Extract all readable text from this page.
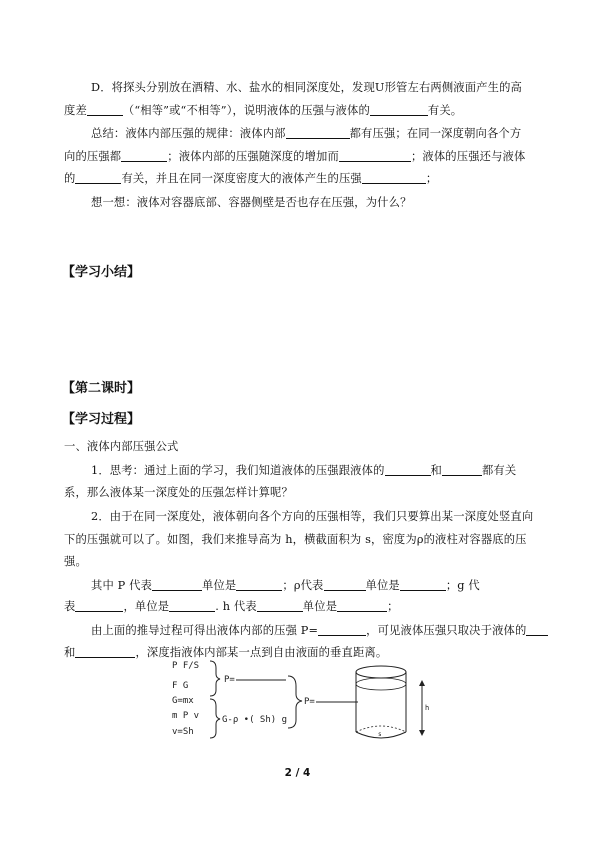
D．将探头分别放在酒精、水、盐水的相同深度处，发现U形管左右两侧液面产生的高
度差	（“相等”或“不相等”），说明液体的压强与液体的	有关。
总结：液体内部压强的规律：液体内部	都有压强；在同一深度朝向各个方
向的压强都	；液体内部的压强随深度的增加而	；液体的压强还与液体
的	有关，并且在同一深度密度大的液体产生的压强	；
想一想：液体对容器底部、容器侧壁是否也存在压强，为什么？
【学习小结】
【第二课时】
【学习过程】
一、液体内部压强公式
1．思考：通过上面的学习，我们知道液体的压强跟液体的	和	都有关
系，那么液体某一深度处的压强怎样计算呢？
2．由于在同一深度处，液体朝向各个方向的压强相等，我们只要算出某一深度处竖直向
下的压强就可以了。如图，我们来推导高为 h，横截面积为 s，密度为ρ的液柱对容器底的压
强。
其中 P 代表	单位是	；ρ代表	单位是	；g 代
表	，单位是	. h 代表	单位是	；
由上面的推导过程可得出液体内部的压强 P=	，可见液体压强只取决于液体的
和	，深度指液体内部某一点到自由液面的垂直距离。
P F/S
F G
G=mx
m P v
v=Sh
P=
G-ρ •( Sh) g
P=
s
h
2 / 4
